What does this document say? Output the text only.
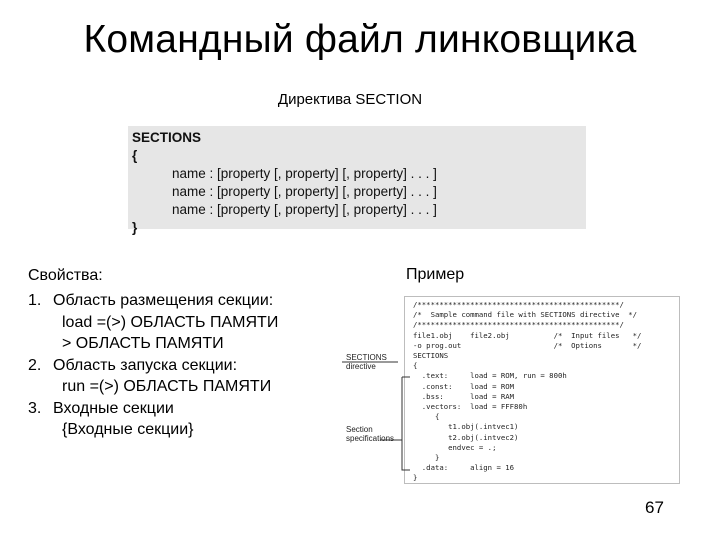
Командный файл линковщика
Директива SECTION
SECTIONS
{
name : [property [, property] [, property] . . . ]
name : [property [, property] [, property] . . . ]
name : [property [, property] [, property] . . . ]
}
Свойства:
1. Область размещения секции:
load =(>) ОБЛАСТЬ ПАМЯТИ
> ОБЛАСТЬ ПАМЯТИ
2. Область запуска секции:
run =(>) ОБЛАСТЬ ПАМЯТИ
3. Входные секции
{Входные секции}
Пример
/**********************************************/
/*  Sample command file with SECTIONS directive  */
/**********************************************/
file1.obj    file2.obj          /*  Input files   */
-o prog.out                     /*  Options       */
SECTIONS
{
.text:     load = ROM, run = 800h
.const:    load = ROM
.bss:      load = RAM
.vectors:  load = FFF80h
{
t1.obj(.intvec1)
t2.obj(.intvec2)
endvec = .;
}
.data:     align = 16
}
SECTIONS
directive
Section
specifications
67
